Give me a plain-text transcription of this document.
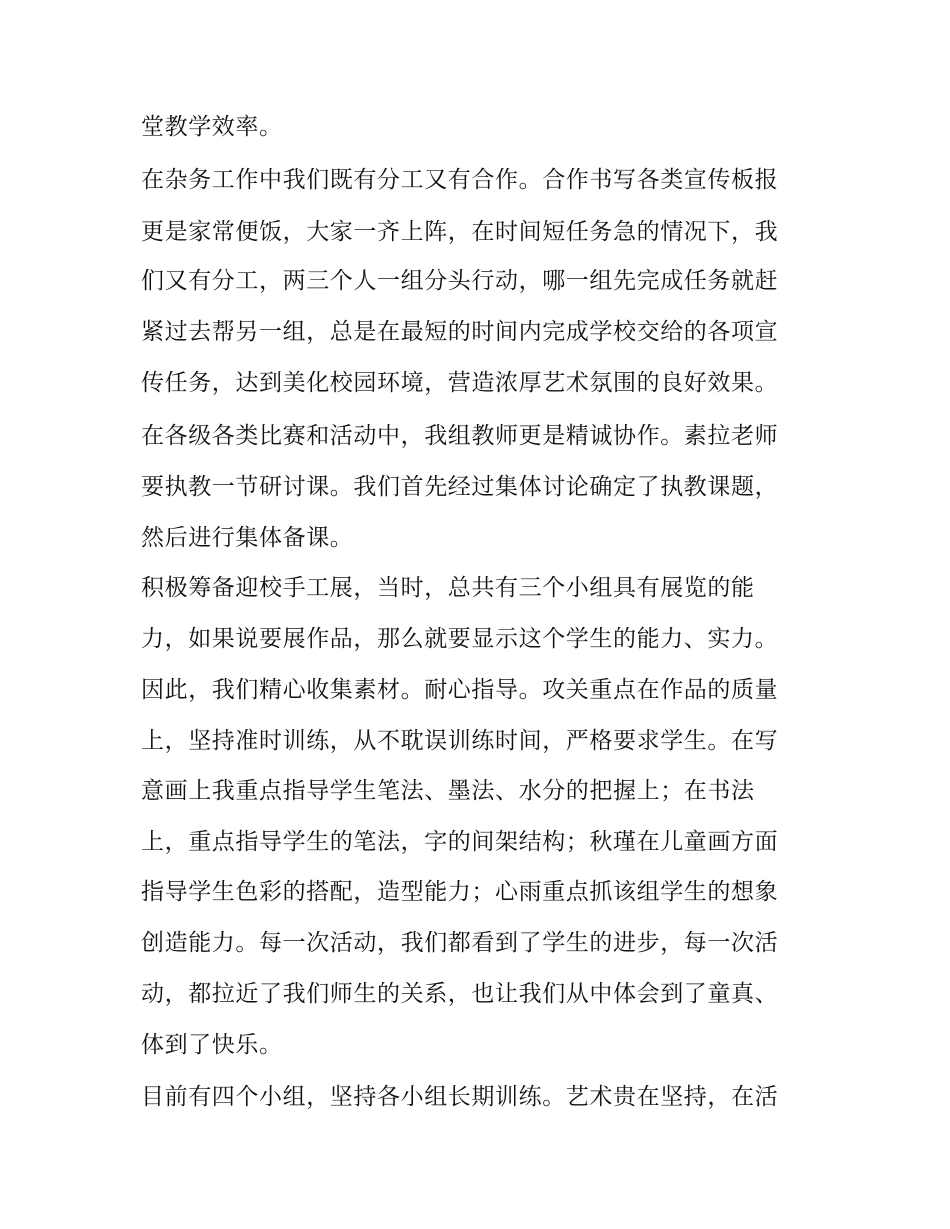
堂教学效率。
在杂务工作中我们既有分工又有合作。合作书写各类宣传板报
更是家常便饭，大家一齐上阵，在时间短任务急的情况下，我
们又有分工，两三个人一组分头行动，哪一组先完成任务就赶
紧过去帮另一组，总是在最短的时间内完成学校交给的各项宣
传任务，达到美化校园环境，营造浓厚艺术氛围的良好效果。
在各级各类比赛和活动中，我组教师更是精诚协作。素拉老师
要执教一节研讨课。我们首先经过集体讨论确定了执教课题，
然后进行集体备课。
积极筹备迎校手工展，当时，总共有三个小组具有展览的能
力，如果说要展作品，那么就要显示这个学生的能力、实力。
因此，我们精心收集素材。耐心指导。攻关重点在作品的质量
上，坚持准时训练，从不耽误训练时间，严格要求学生。在写
意画上我重点指导学生笔法、墨法、水分的把握上；在书法
上，重点指导学生的笔法，字的间架结构；秋瑾在儿童画方面
指导学生色彩的搭配，造型能力；心雨重点抓该组学生的想象
创造能力。每一次活动，我们都看到了学生的进步，每一次活
动，都拉近了我们师生的关系，也让我们从中体会到了童真、
体到了快乐。
目前有四个小组，坚持各小组长期训练。艺术贵在坚持，在活
